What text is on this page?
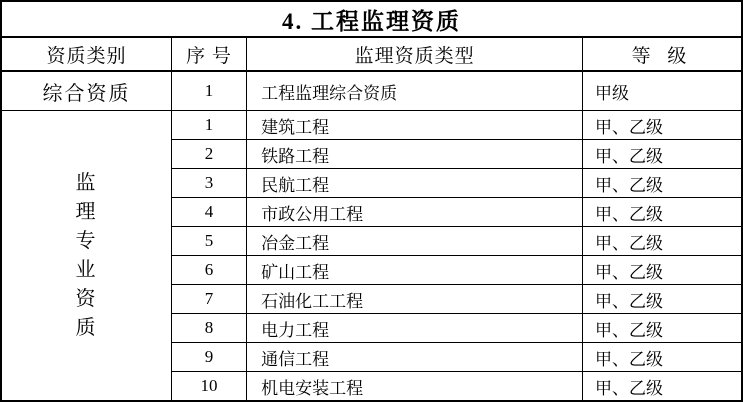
4. 工程监理资质
资质类别	序 号	监理资质类型	等 级
综合资质	1	工程监理综合资质	甲级

监
理
专
业
资
质
	1	建筑工程	甲、乙级
	2	铁路工程	甲、乙级
	3	民航工程	甲、乙级
	4	市政公用工程	甲、乙级
	5	冶金工程	甲、乙级
	6	矿山工程	甲、乙级
	7	石油化工工程	甲、乙级
	8	电力工程	甲、乙级
	9	通信工程	甲、乙级
	10	机电安装工程	甲、乙级
